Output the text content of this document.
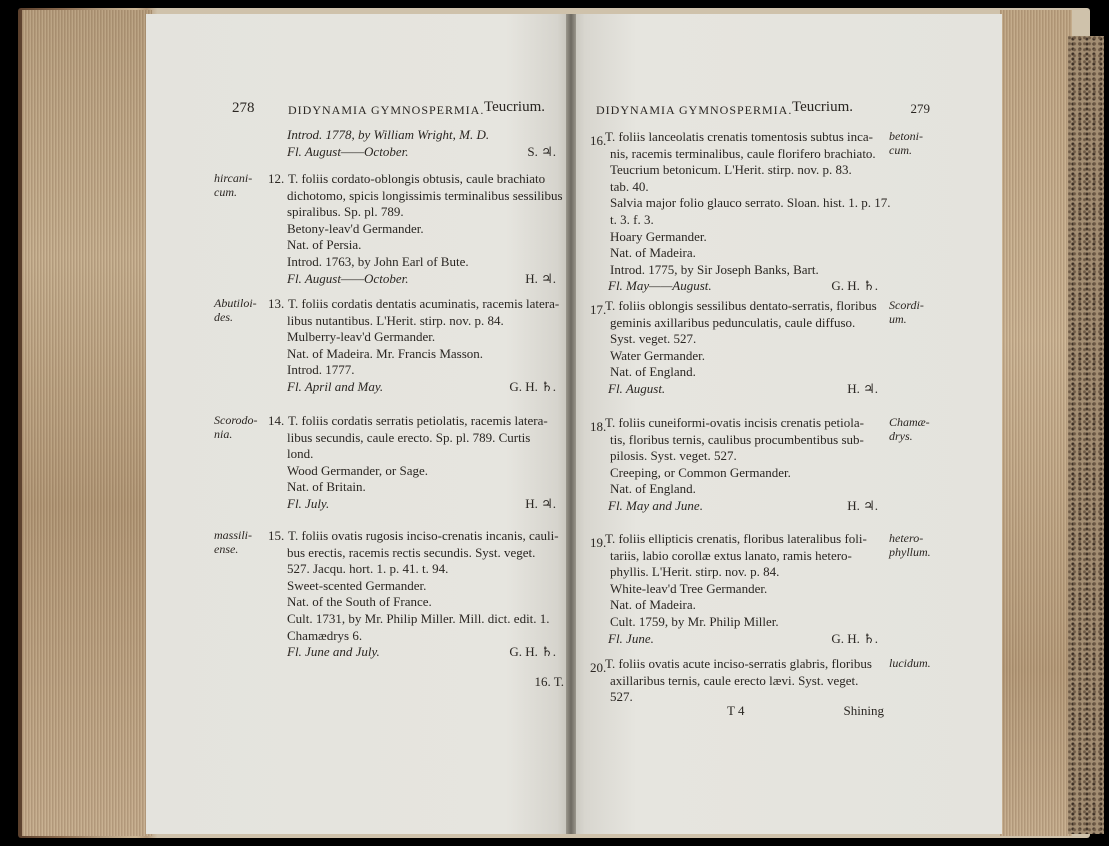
278	DIDYNAMIA GYMNOSPERMIA. Teucrium.
Introd. 1778, by William Wright, M. D.
Fl. August——October.	S. ♃.
hircani-
cum.
12. T. foliis cordato-oblongis obtusis, caule brachiato
dichotomo, spicis longissimis terminalibus sessilibus
spiralibus. Sp. pl. 789.
Betony-leav'd Germander.
Nat. of Persia.
Introd. 1763, by John Earl of Bute.
Fl. August——October.	H. ♃.
Abutiloi-
des.
13. T. foliis cordatis dentatis acuminatis, racemis latera-
libus nutantibus. L'Herit. stirp. nov. p. 84.
Mulberry-leav'd Germander.
Nat. of Madeira. Mr. Francis Masson.
Introd. 1777.
Fl. April and May.	G. H. ♄.
Scorodo-
nia.
14. T. foliis cordatis serratis petiolatis, racemis latera-
libus secundis, caule erecto. Sp. pl. 789. Curtis
lond.
Wood Germander, or Sage.
Nat. of Britain.
Fl. July.	H. ♃.
massili-
ense.
15. T. foliis ovatis rugosis inciso-crenatis incanis, cauli-
bus erectis, racemis rectis secundis. Syst. veget.
527. Jacqu. hort. 1. p. 41. t. 94.
Sweet-scented Germander.
Nat. of the South of France.
Cult. 1731, by Mr. Philip Miller. Mill. dict. edit. 1.
Chamædrys 6.
Fl. June and July.	G. H. ♄.
16. T.
279
DIDYNAMIA GYMNOSPERMIA. Teucrium.
betoni-
cum.
16.
T. foliis lanceolatis crenatis tomentosis subtus inca-
nis, racemis terminalibus, caule florifero brachiato.
Teucrium betonicum. L'Herit. stirp. nov. p. 83.
tab. 40.
Salvia major folio glauco serrato. Sloan. hist. 1. p. 17.
t. 3. f. 3.
Hoary Germander.
Nat. of Madeira.
Introd. 1775, by Sir Joseph Banks, Bart.
Fl. May——August.	G. H. ♄.
Scordi-
um.
17.
T. foliis oblongis sessilibus dentato-serratis, floribus
geminis axillaribus pedunculatis, caule diffuso.
Syst. veget. 527.
Water Germander.
Nat. of England.
Fl. August.	H. ♃.
Chamæ-
drys.
18.
T. foliis cuneiformi-ovatis incisis crenatis petiola-
tis, floribus ternis, caulibus procumbentibus sub-
pilosis. Syst. veget. 527.
Creeping, or Common Germander.
Nat. of England.
Fl. May and June.	H. ♃.
hetero-
phyllum.
19.
T. foliis ellipticis crenatis, floribus lateralibus foli-
tariis, labio corollæ extus lanato, ramis hetero-
phyllis. L'Herit. stirp. nov. p. 84.
White-leav'd Tree Germander.
Nat. of Madeira.
Cult. 1759, by Mr. Philip Miller.
Fl. June.	G. H. ♄.
lucidum.
20.
T. foliis ovatis acute inciso-serratis glabris, floribus
axillaribus ternis, caule erecto lævi. Syst. veget.
527.
T 4	Shining
